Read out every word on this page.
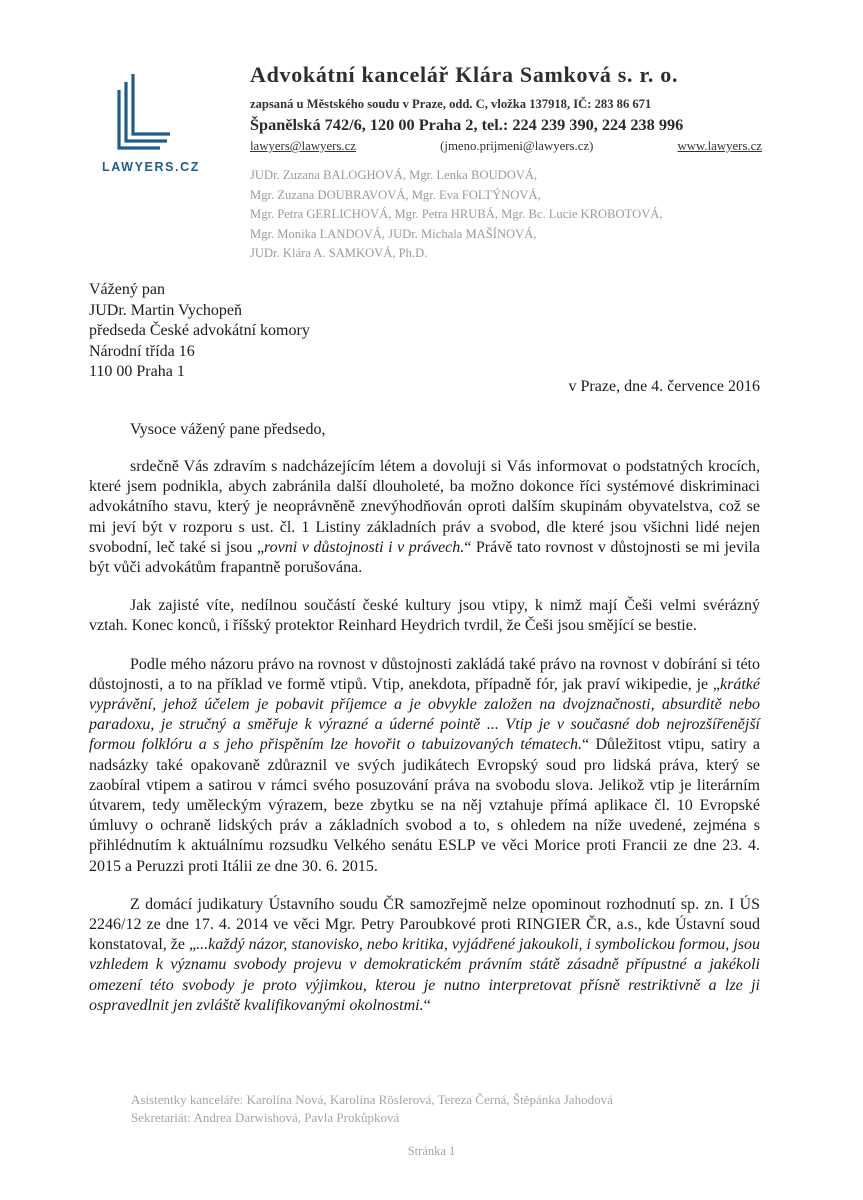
LAWYERS.CZ
Advokátní kancelář Klára Samková s. r. o.
zapsaná u Městského soudu v Praze, odd. C, vložka 137918, IČ: 283 86 671
Španělská 742/6, 120 00 Praha 2, tel.: 224 239 390, 224 238 996
lawyers@lawyers.cz	(jmeno.prijmeni@lawyers.cz)	www.lawyers.cz
JUDr. Zuzana BALOGHOVÁ, Mgr. Lenka BOUDOVÁ,
Mgr. Zuzana DOUBRAVOVÁ, Mgr. Eva FOLTÝNOVÁ,
Mgr. Petra GERLICHOVÁ, Mgr. Petra HRUBÁ, Mgr. Bc. Lucie KROBOTOVÁ,
Mgr. Monika LANDOVÁ, JUDr. Michala MAŠÍNOVÁ,
JUDr. Klára A. SAMKOVÁ, Ph.D.
Vážený pan
JUDr. Martin Vychopeň
předseda České advokátní komory
Národní třída 16
110 00 Praha 1
v Praze, dne 4. července 2016
Vysoce vážený pane předsedo,

srdečně Vás zdravím s nadcházejícím létem a dovoluji si Vás informovat o podstatných krocích, které jsem podnikla, abych zabránila další dlouholeté, ba možno dokonce říci systémové diskriminaci advokátního stavu, který je neoprávněně znevýhodňován oproti dalším skupinám obyvatelstva, což se mi jeví být v rozporu s ust. čl. 1 Listiny základních práv a svobod, dle které jsou všichni lidé nejen svobodní, leč také si jsou „rovni v důstojnosti i v právech.“ Právě tato rovnost v důstojnosti se mi jevila být vůči advokátům frapantně porušována.

Jak zajisté víte, nedílnou součástí české kultury jsou vtipy, k nimž mají Češi velmi svérázný vztah. Konec konců, i říšský protektor Reinhard Heydrich tvrdil, že Češi jsou smějící se bestie.

Podle mého názoru právo na rovnost v důstojnosti zakládá také právo na rovnost v dobírání si této důstojnosti, a to na příklad ve formě vtipů. Vtip, anekdota, případně fór, jak praví wikipedie, je „krátké vyprávění, jehož účelem je pobavit příjemce a je obvykle založen na dvojznačnosti, absurditě nebo paradoxu, je stručný a směřuje k výrazné a úderné pointě ... Vtip je v současné dob nejrozšířenější formou folklóru a s jeho přispěním lze hovořit o tabuizovaných tématech.“ Důležitost vtipu, satiry a nadsázky také opakovaně zdůraznil ve svých judikátech Evropský soud pro lidská práva, který se zaobíral vtipem a satirou v rámci svého posuzování práva na svobodu slova. Jelikož vtip je literárním útvarem, tedy uměleckým výrazem, beze zbytku se na něj vztahuje přímá aplikace čl. 10 Evropské úmluvy o ochraně lidských práv a základních svobod a to, s ohledem na níže uvedené, zejména s přihlédnutím k aktuálnímu rozsudku Velkého senátu ESLP ve věci Morice proti Francii ze dne 23. 4. 2015 a Peruzzi proti Itálii ze dne 30. 6. 2015.

Z domácí judikatury Ústavního soudu ČR samozřejmě nelze opominout rozhodnutí sp. zn. I ÚS 2246/12 ze dne 17. 4. 2014 ve věci Mgr. Petry Paroubkové proti RINGIER ČR, a.s., kde Ústavní soud konstatoval, že „...každý názor, stanovisko, nebo kritika, vyjádřené jakoukoli, i symbolickou formou, jsou vzhledem k významu svobody projevu v demokratickém právním státě zásadně přípustné a jakékoli omezení této svobody je proto výjimkou, kterou je nutno interpretovat přísně restriktivně a lze ji ospravedlnit jen zvláště kvalifikovanými okolnostmi.“

Asistentky kanceláře: Karolína Nová, Karolína Röslerová, Tereza Černá, Štěpánka Jahodová
Sekretariát: Andrea Darwishová, Pavla Prokůpková
Stránka 1
